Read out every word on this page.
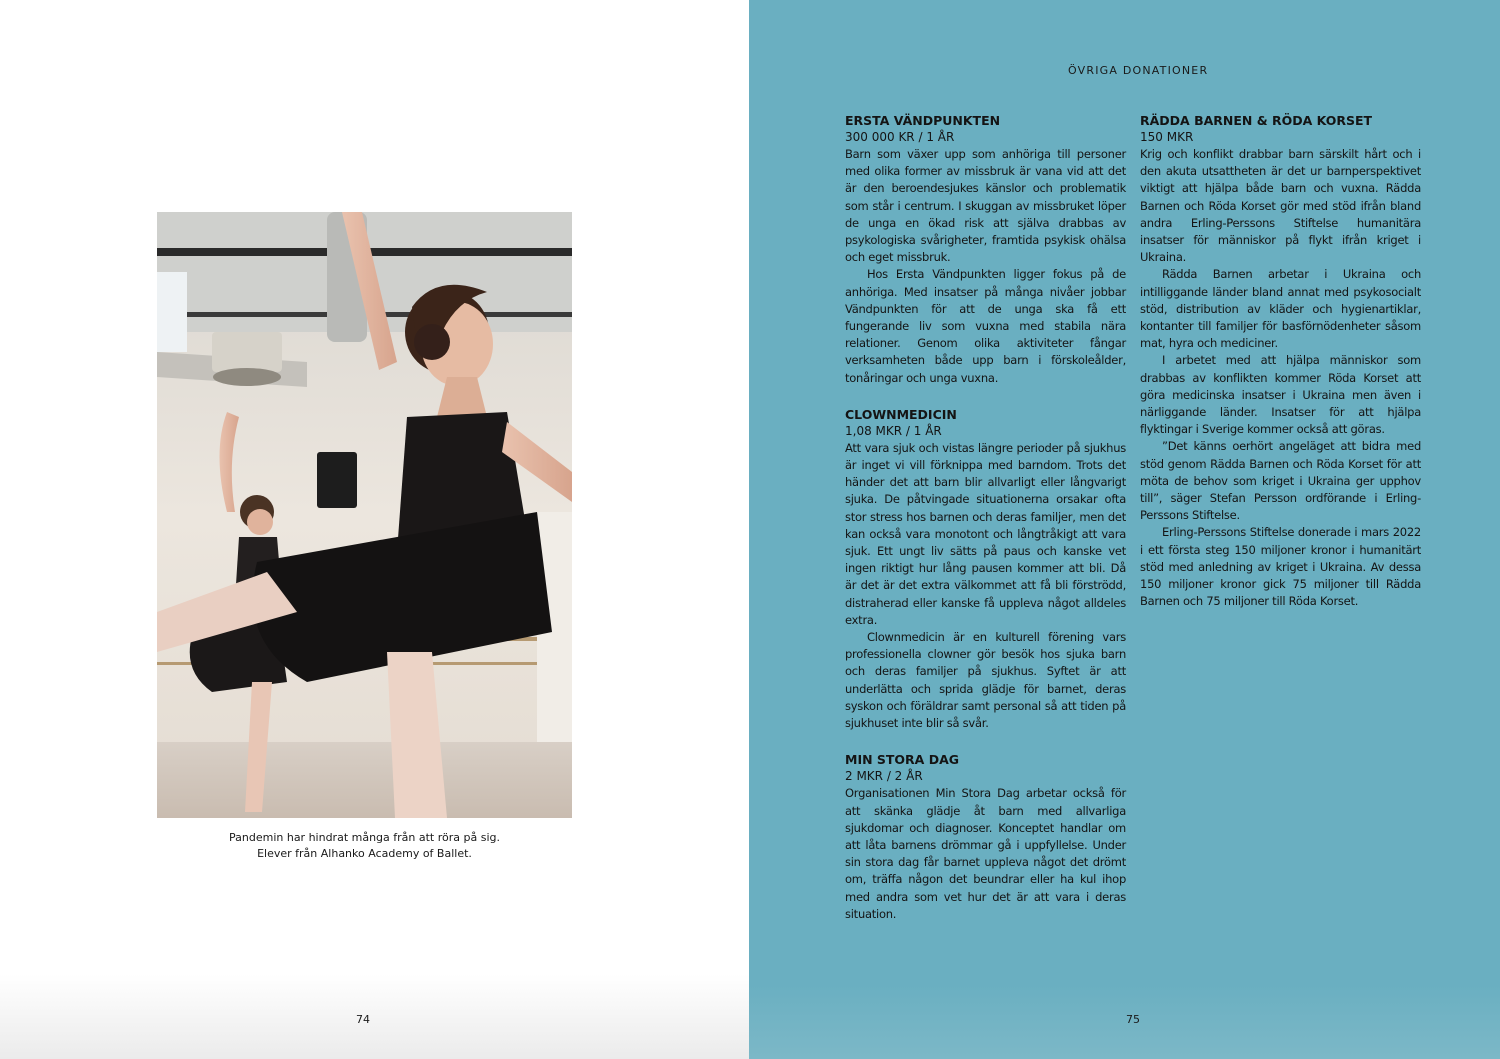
Pandemin har hindrat många från att röra på sig.
Elever från Alhanko Academy of Ballet.
74
ÖVRIGA DONATIONER
ERSTA VÄNDPUNKTEN
300 000 KR / 1 ÅR

Barn som växer upp som anhöriga till personer med olika former av missbruk är vana vid att det är den beroendesjukes känslor och problematik som står i centrum. I skuggan av missbruket löper de unga en ökad risk att själva drabbas av psykologiska svårigheter, framtida psykisk ohälsa och eget missbruk.

Hos Ersta Vändpunkten ligger fokus på de anhöriga. Med insatser på många nivåer jobbar Vändpunkten för att de unga ska få ett fungerande liv som vuxna med stabila nära relationer. Genom olika aktiviteter fångar verksamheten både upp barn i förskoleålder, tonåringar och unga vuxna.

CLOWNMEDICIN
1,08 MKR / 1 ÅR

Att vara sjuk och vistas längre perioder på sjukhus är inget vi vill förknippa med barndom. Trots det händer det att barn blir allvarligt eller långvarigt sjuka. De påtvingade situationerna orsakar ofta stor stress hos barnen och deras familjer, men det kan också vara monotont och långtråkigt att vara sjuk. Ett ungt liv sätts på paus och kanske vet ingen riktigt hur lång pausen kommer att bli. Då är det är det extra välkommet att få bli förströdd, distraherad eller kanske få uppleva något alldeles extra.

Clownmedicin är en kulturell förening vars professionella clowner gör besök hos sjuka barn och deras familjer på sjukhus. Syftet är att underlätta och sprida glädje för barnet, deras syskon och föräldrar samt personal så att tiden på sjukhuset inte blir så svår.

MIN STORA DAG
2 MKR / 2 ÅR

Organisationen Min Stora Dag arbetar också för att skänka glädje åt barn med allvarliga sjukdomar och diagnoser. Konceptet handlar om att låta barnens drömmar gå i uppfyllelse. Under sin stora dag får barnet uppleva något det drömt om, träffa någon det beundrar eller ha kul ihop med andra som vet hur det är att vara i deras situation.

RÄDDA BARNEN & RÖDA KORSET
150 MKR

Krig och konflikt drabbar barn särskilt hårt och i den akuta utsattheten är det ur barnperspektivet viktigt att hjälpa både barn och vuxna. Rädda Barnen och Röda Korset gör med stöd ifrån bland andra Erling-Perssons Stiftelse humanitära insatser för människor på flykt ifrån kriget i Ukraina.

Rädda Barnen arbetar i Ukraina och intilliggande länder bland annat med psykosocialt stöd, distribution av kläder och hygienartiklar, kontanter till familjer för basförnödenheter såsom mat, hyra och mediciner.

I arbetet med att hjälpa människor som drabbas av konflikten kommer Röda Korset att göra medicinska insatser i Ukraina men även i närliggande länder. Insatser för att hjälpa flyktingar i Sverige kommer också att göras.

”Det känns oerhört angeläget att bidra med stöd genom Rädda Barnen och Röda Korset för att möta de behov som kriget i Ukraina ger upphov till”, säger Stefan Persson ordförande i Erling-Perssons Stiftelse.

Erling-Perssons Stiftelse donerade i mars 2022 i ett första steg 150 miljoner kronor i humanitärt stöd med anledning av kriget i Ukraina. Av dessa 150 miljoner kronor gick 75 miljoner till Rädda Barnen och 75 miljoner till Röda Korset.

75
